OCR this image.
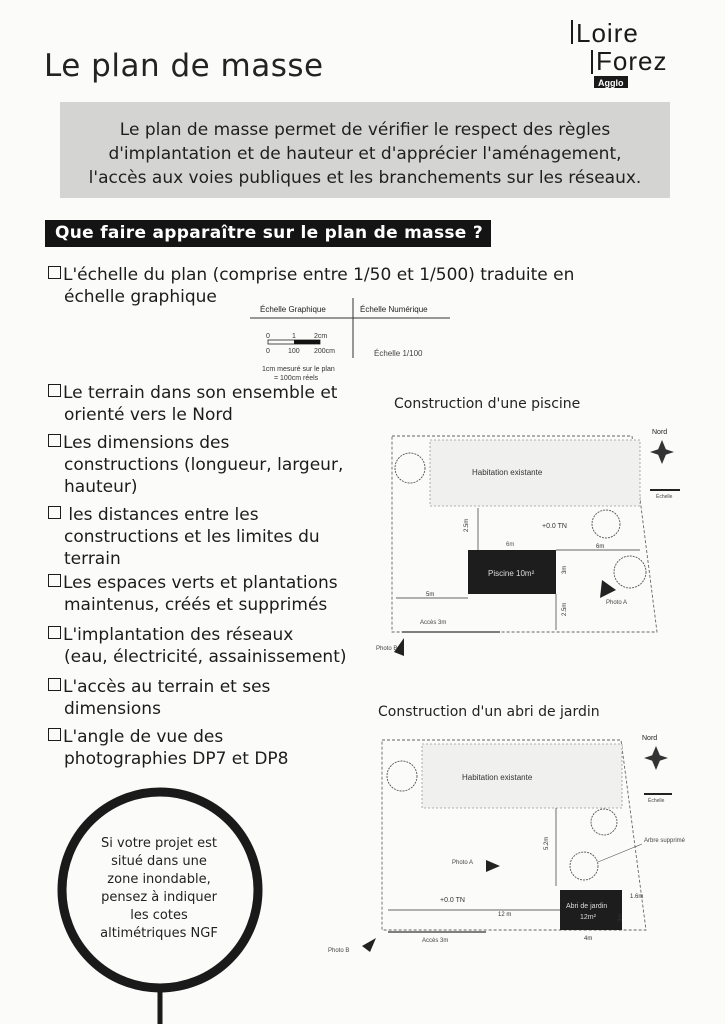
Le plan de masse
Loire
Forez
Agglo
Le plan de masse permet de vérifier le respect des règles
d'implantation et de hauteur et d'apprécier l'aménagement,
l'accès aux voies publiques et les branchements sur les réseaux.
Que faire apparaître sur le plan de masse ?
L'échelle du plan (comprise entre 1/50 et 1/500) traduite en
échelle graphique
Le terrain dans son ensemble et
orienté vers le Nord
Les dimensions des
constructions (longueur, largeur,
hauteur)
les distances entre les
constructions et les limites du
terrain
Les espaces verts et plantations
maintenus, créés et supprimés
L'implantation des réseaux
(eau, électricité, assainissement)
L'accès au terrain et ses
dimensions
L'angle de vue des
photographies DP7 et DP8
Échelle Graphique	Échelle Numérique
0	1	2cm
0	100 200cm
1cm mesuré sur le plan
= 100cm réels
Échelle 1/100
Construction d'une piscine
Habitation existante
+0.0 TN
2.5m
Piscine 10m²
6m	6m
3m
5m
2.5m
Accès 3m
Photo A
Photo B
Nord
Échelle
Construction d'un abri de jardin
Habitation existante
5.2m	Arbre supprimé
Photo A
+0.0 TN
12 m
Abri de jardin
12m²
1.6m
3m
4m
Accès 3m
Photo B
Nord
Échelle
Si votre projet est
situé dans une
zone inondable,
pensez à indiquer
les cotes
altimétriques NGF
